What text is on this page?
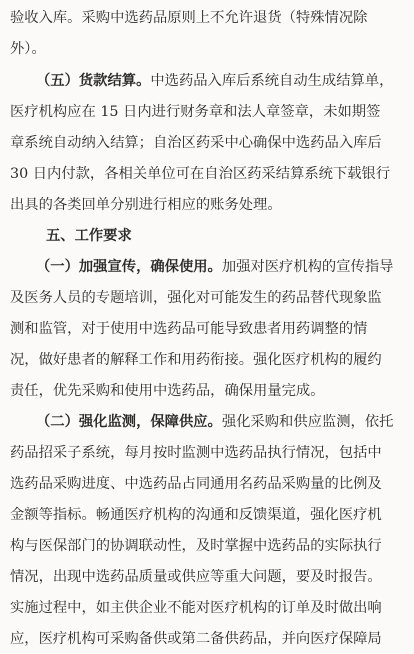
验收入库。采购中选药品原则上不允许退货（特殊情况除
外）。
（五）货款结算。中选药品入库后系统自动生成结算单，
医疗机构应在 15 日内进行财务章和法人章签章，未如期签
章系统自动纳入结算；自治区药采中心确保中选药品入库后
30 日内付款，各相关单位可在自治区药采结算系统下载银行
出具的各类回单分别进行相应的账务处理。
五、工作要求
（一）加强宣传，确保使用。加强对医疗机构的宣传指导
及医务人员的专题培训，强化对可能发生的药品替代现象监
测和监管，对于使用中选药品可能导致患者用药调整的情
况，做好患者的解释工作和用药衔接。强化医疗机构的履约
责任，优先采购和使用中选药品，确保用量完成。
（二）强化监测，保障供应。强化采购和供应监测，依托
药品招采子系统，每月按时监测中选药品执行情况，包括中
选药品采购进度、中选药品占同通用名药品采购量的比例及
金额等指标。畅通医疗机构的沟通和反馈渠道，强化医疗机
构与医保部门的协调联动性，及时掌握中选药品的实际执行
情况，出现中选药品质量或供应等重大问题，要及时报告。
实施过程中，如主供企业不能对医疗机构的订单及时做出响
应，医疗机构可采购备供或第二备供药品，并向医疗保障局
